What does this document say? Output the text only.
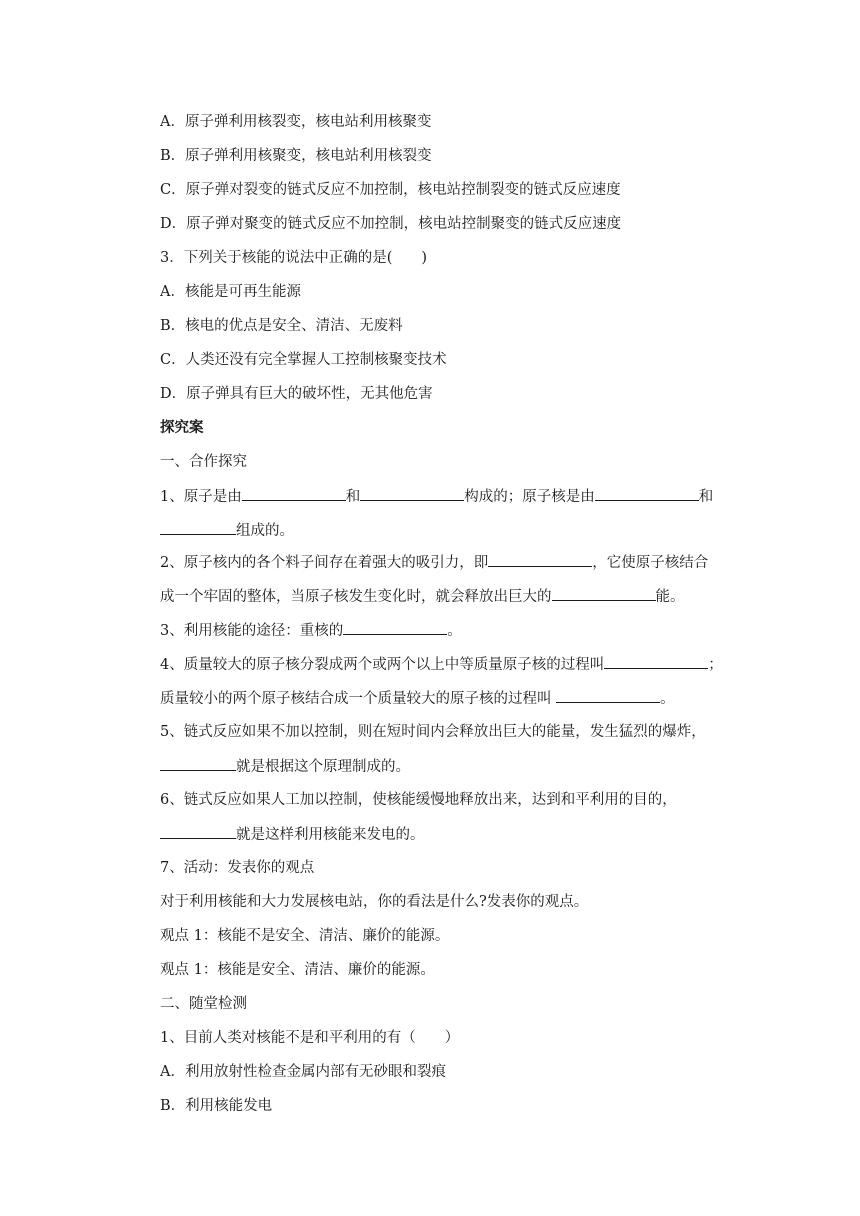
A．原子弹利用核裂变，核电站利用核聚变
B．原子弹利用核聚变，核电站利用核裂变
C．原子弹对裂变的链式反应不加控制，核电站控制裂变的链式反应速度
D．原子弹对聚变的链式反应不加控制，核电站控制聚变的链式反应速度
3．下列关于核能的说法中正确的是(　　)
A．核能是可再生能源
B．核电的优点是安全、清洁、无废料
C．人类还没有完全掌握人工控制核聚变技术
D．原子弹具有巨大的破坏性，无其他危害
探究案
一、合作探究
1、原子是由	和	构成的；原子核是由	和
组成的。
2、原子核内的各个料子间存在着强大的吸引力，即	，它使原子核结合
成一个牢固的整体，当原子核发生变化时，就会释放出巨大的	能。
3、利用核能的途径：重核的	。
4、质量较大的原子核分裂成两个或两个以上中等质量原子核的过程叫	；
质量较小的两个原子核结合成一个质量较大的原子核的过程叫	。
5、链式反应如果不加以控制，则在短时间内会释放出巨大的能量，发生猛烈的爆炸，
就是根据这个原理制成的。
6、链式反应如果人工加以控制，使核能缓慢地释放出来，达到和平利用的目的，
就是这样利用核能来发电的。
7、活动：发表你的观点
对于利用核能和大力发展核电站，你的看法是什么?发表你的观点。
观点 1：核能不是安全、清洁、廉价的能源。
观点 1：核能是安全、清洁、廉价的能源。
二、随堂检测
1、目前人类对核能不是和平利用的有（　　）
A．利用放射性检查金属内部有无砂眼和裂痕
B．利用核能发电
